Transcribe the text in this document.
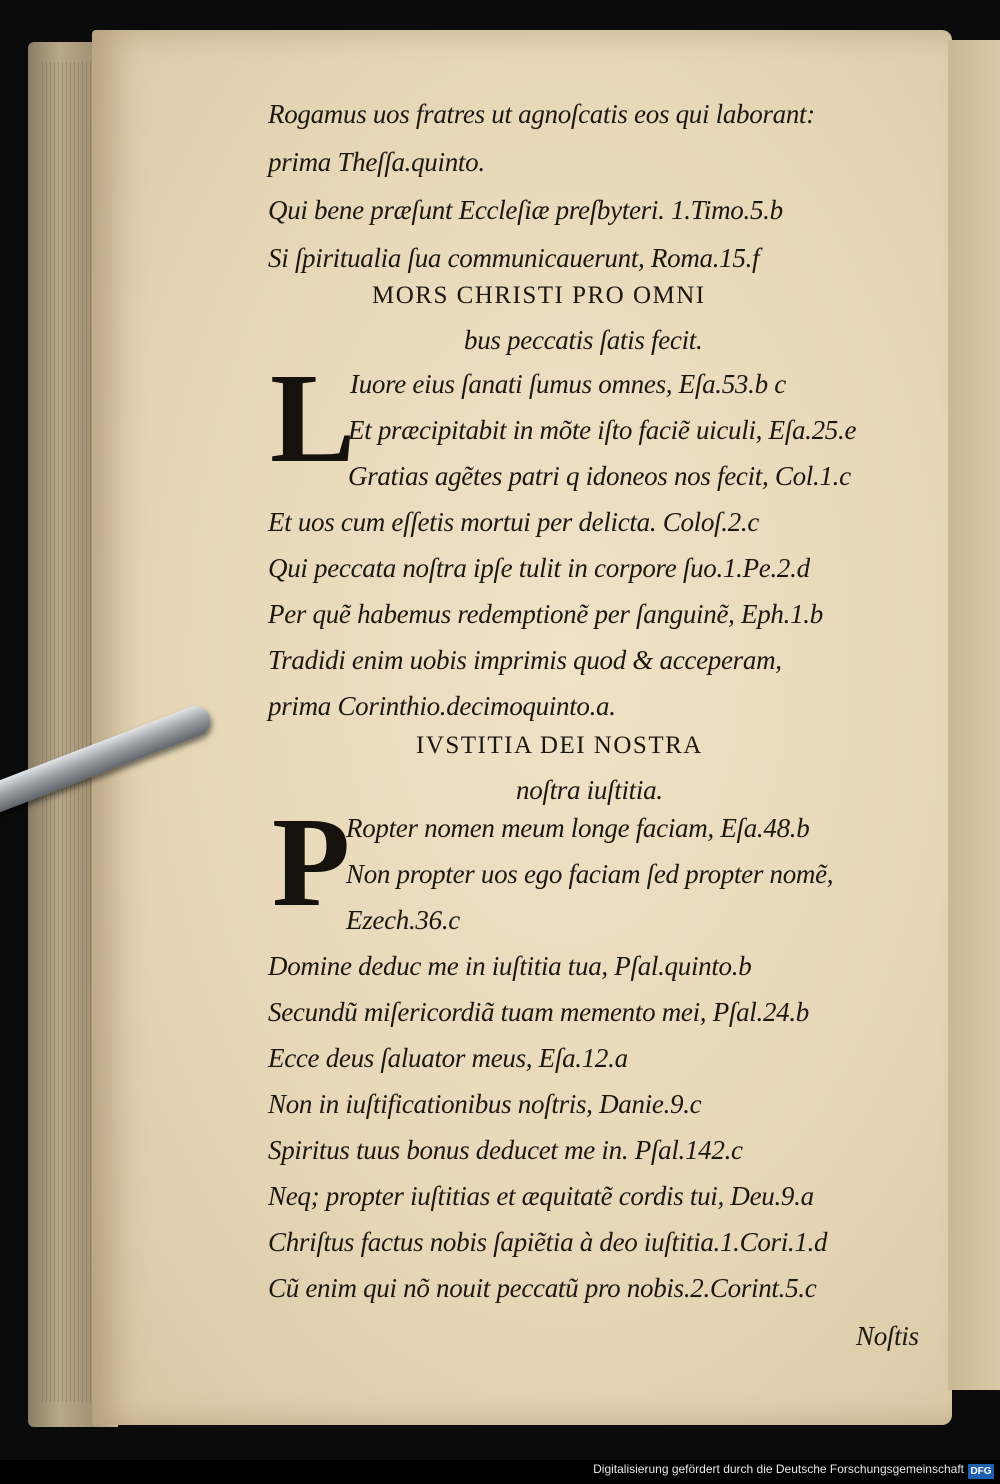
Rogamus uos fratres ut agnoſcatis eos qui laborant:
prima Theſſa.quinto.
Qui bene præſunt Eccleſiæ preſbyteri. 1.Timo.5.b
Si ſpiritualia ſua communicauerunt, Roma.15.f
MORS CHRISTI PRO OMNI
bus peccatis ſatis fecit.
L
Iuore eius ſanati ſumus omnes, Eſa.53.b c
Et præcipitabit in mõte iſto faciẽ uiculi, Eſa.25.e
Gratias agẽtes patri q idoneos nos fecit, Col.1.c
Et uos cum eſſetis mortui per delicta. Coloſ.2.c
Qui peccata noſtra ipſe tulit in corpore ſuo.1.Pe.2.d
Per quẽ habemus redemptionẽ per ſanguinẽ, Eph.1.b
Tradidi enim uobis imprimis quod & acceperam,
prima Corinthio.decimoquinto.a.
IVSTITIA DEI NOSTRA
noſtra iuſtitia.
P
Ropter nomen meum longe faciam, Eſa.48.b
Non propter uos ego faciam ſed propter nomẽ,
Ezech.36.c
Domine deduc me in iuſtitia tua, Pſal.quinto.b
Secundũ miſericordiã tuam memento mei, Pſal.24.b
Ecce deus ſaluator meus, Eſa.12.a
Non in iuſtificationibus noſtris, Danie.9.c
Spiritus tuus bonus deducet me in. Pſal.142.c
Neq; propter iuſtitias et æquitatẽ cordis tui, Deu.9.a
Chriſtus factus nobis ſapiẽtia à deo iuſtitia.1.Cori.1.d
Cũ enim qui nõ nouit peccatũ pro nobis.2.Corint.5.c
Noſtis
Digitalisierung gefördert durch die Deutsche Forschungsgemeinschaft DFG
